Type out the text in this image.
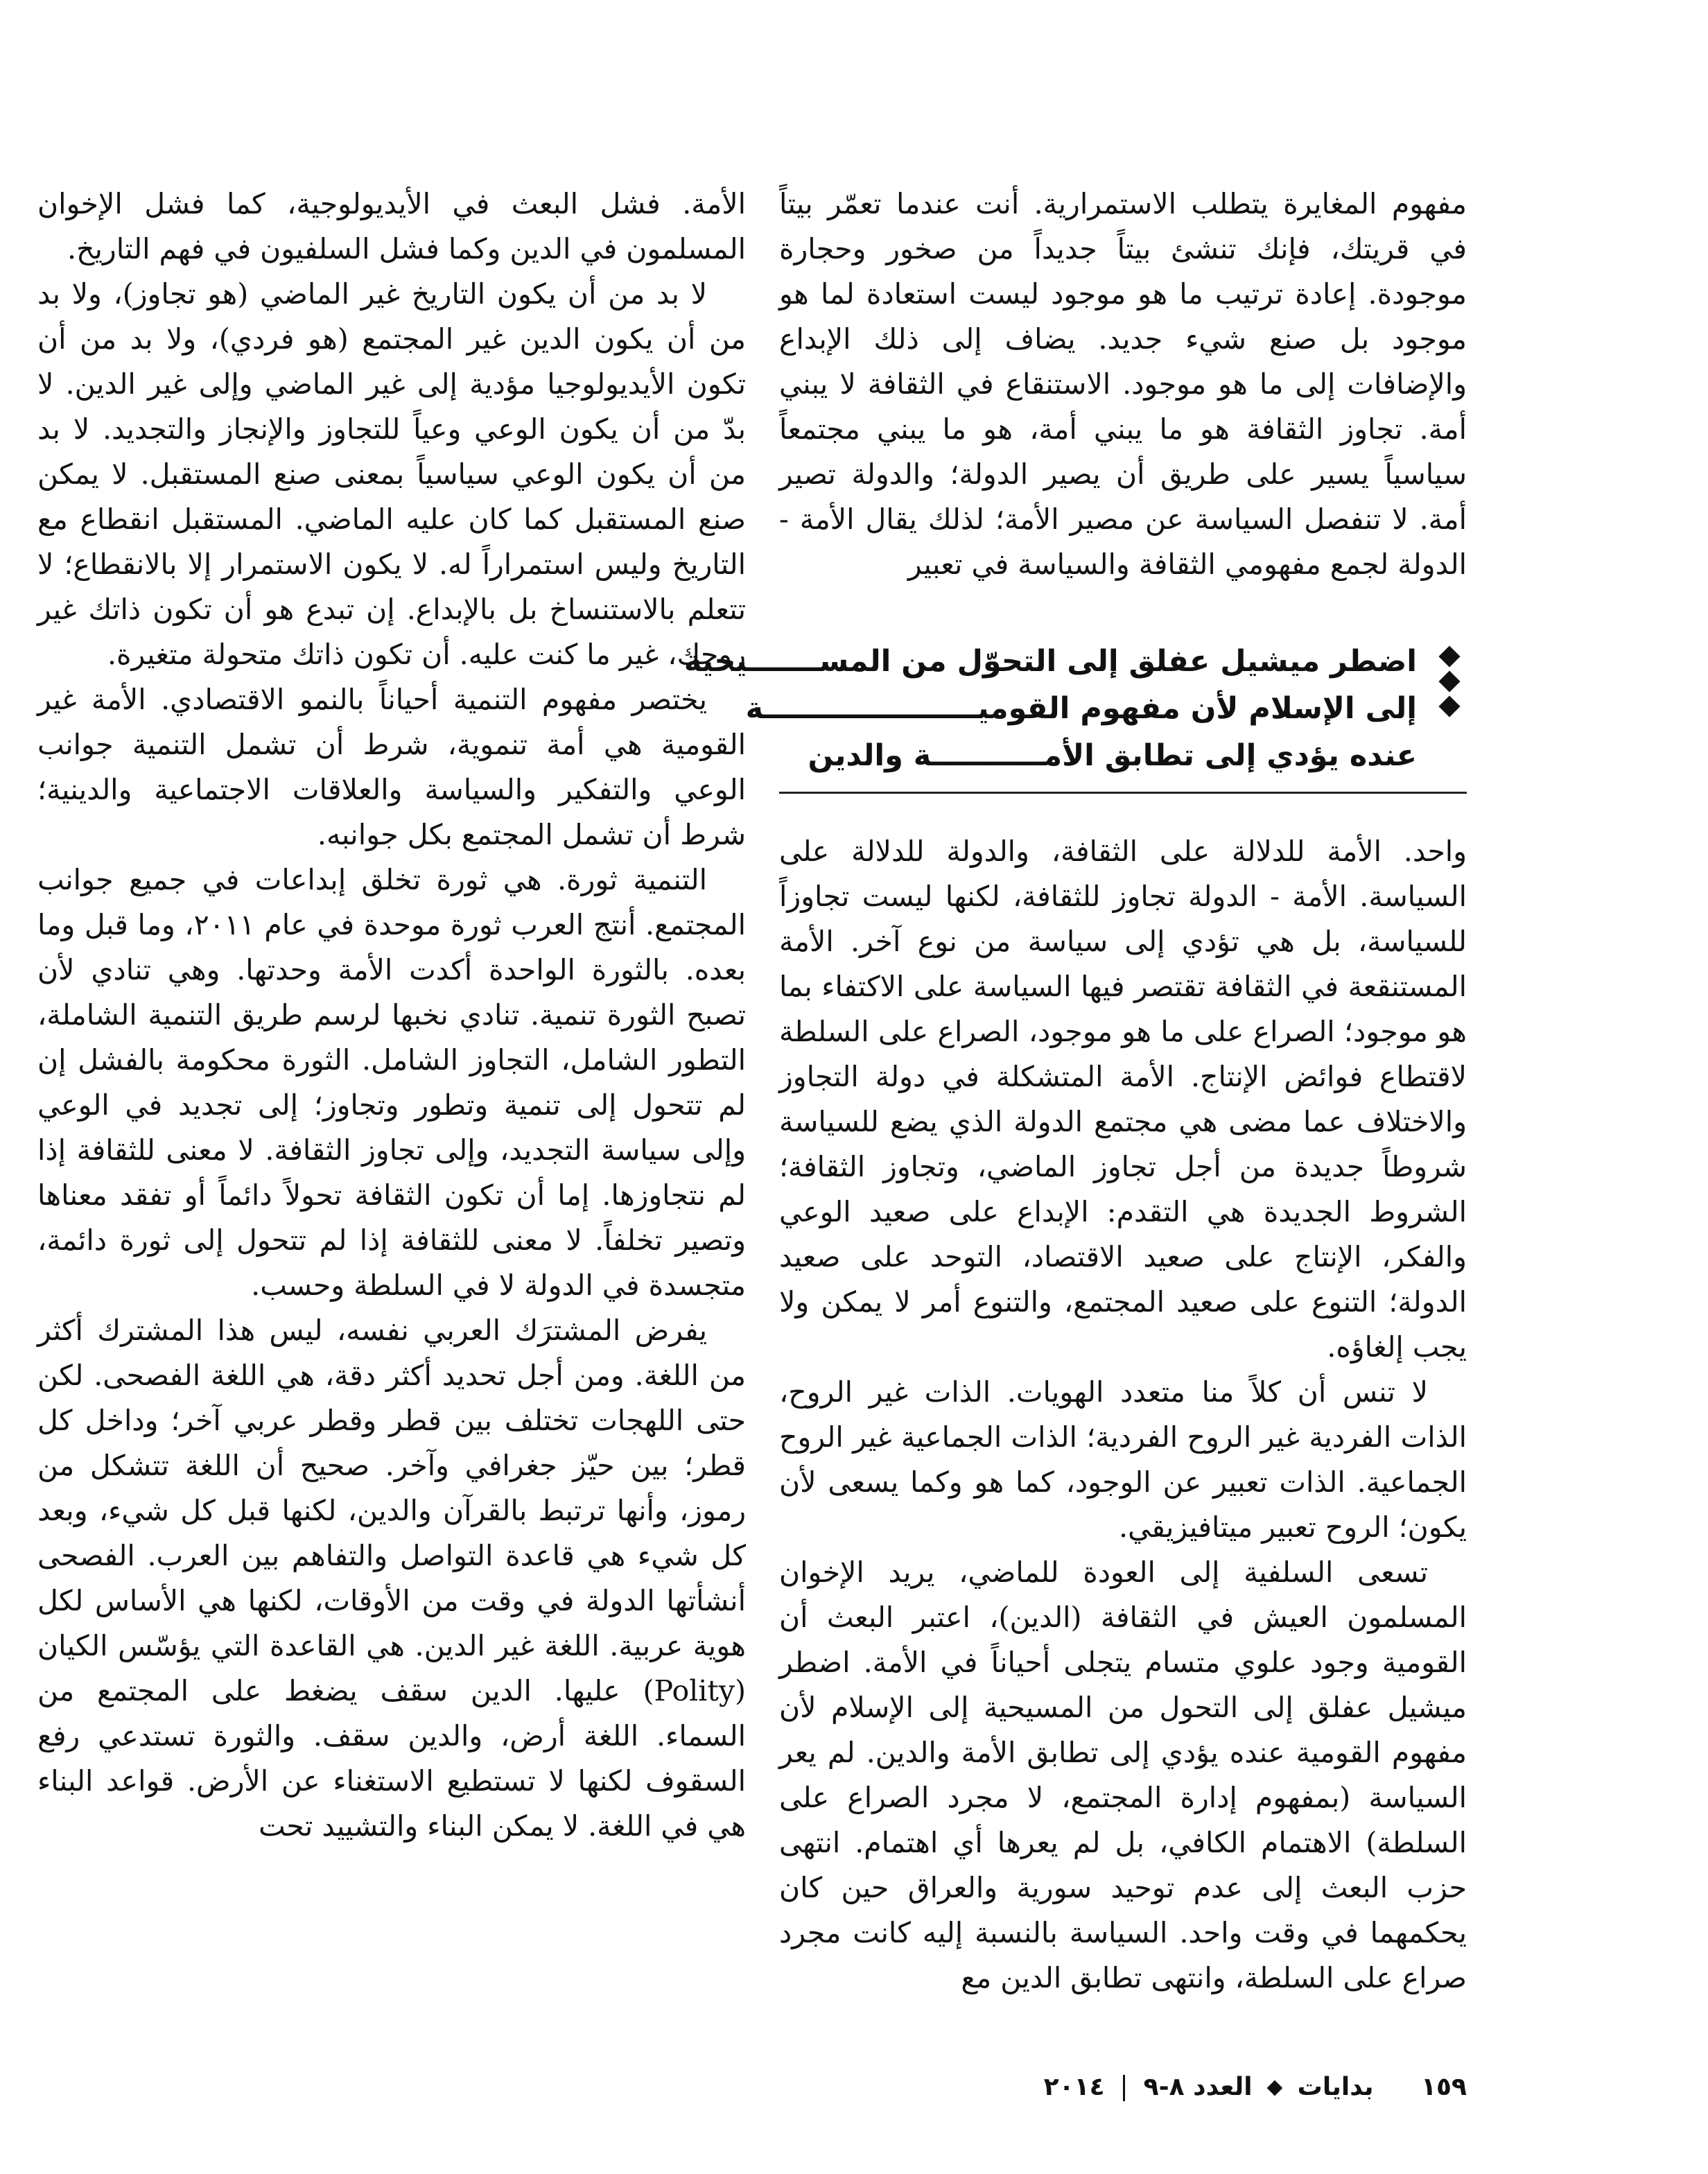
مفهوم المغايرة يتطلب الاستمرارية. أنت عندما تعمّر بيتاً في قريتك، فإنك تنشئ بيتاً جديداً من صخور وحجارة موجودة. إعادة ترتيب ما هو موجود ليست استعادة لما هو موجود بل صنع شيء جديد. يضاف إلى ذلك الإبداع والإضافات إلى ما هو موجود. الاستنقاع في الثقافة لا يبني أمة. تجاوز الثقافة هو ما يبني أمة، هو ما يبني مجتمعاً سياسياً يسير على طريق أن يصير الدولة؛ والدولة تصير أمة. لا تنفصل السياسة عن مصير الأمة؛ لذلك يقال الأمة - الدولة لجمع مفهومي الثقافة والسياسة في تعبير

اضطر ميشيل عفلق إلى التحوّل من المســـــــيحية
إلى الإسلام لأن مفهوم القوميـــــــــــــــــــــة
عنده يؤدي إلى تطابق الأمـــــــــــة والدين

واحد. الأمة للدلالة على الثقافة، والدولة للدلالة على السياسة. الأمة - الدولة تجاوز للثقافة، لكنها ليست تجاوزاً للسياسة، بل هي تؤدي إلى سياسة من نوع آخر. الأمة المستنقعة في الثقافة تقتصر فيها السياسة على الاكتفاء بما هو موجود؛ الصراع على ما هو موجود، الصراع على السلطة لاقتطاع فوائض الإنتاج. الأمة المتشكلة في دولة التجاوز والاختلاف عما مضى هي مجتمع الدولة الذي يضع للسياسة شروطاً جديدة من أجل تجاوز الماضي، وتجاوز الثقافة؛ الشروط الجديدة هي التقدم: الإبداع على صعيد الوعي والفكر، الإنتاج على صعيد الاقتصاد، التوحد على صعيد الدولة؛ التنوع على صعيد المجتمع، والتنوع أمر لا يمكن ولا يجب إلغاؤه.

لا تنس أن كلاً منا متعدد الهويات. الذات غير الروح، الذات الفردية غير الروح الفردية؛ الذات الجماعية غير الروح الجماعية. الذات تعبير عن الوجود، كما هو وكما يسعى لأن يكون؛ الروح تعبير ميتافيزيقي.

تسعى السلفية إلى العودة للماضي، يريد الإخوان المسلمون العيش في الثقافة (الدين)، اعتبر البعث أن القومية وجود علوي متسام يتجلى أحياناً في الأمة. اضطر ميشيل عفلق إلى التحول من المسيحية إلى الإسلام لأن مفهوم القومية عنده يؤدي إلى تطابق الأمة والدين. لم يعر السياسة (بمفهوم إدارة المجتمع، لا مجرد الصراع على السلطة) الاهتمام الكافي، بل لم يعرها أي اهتمام. انتهى حزب البعث إلى عدم توحيد سورية والعراق حين كان يحكمهما في وقت واحد. السياسة بالنسبة إليه كانت مجرد صراع على السلطة، وانتهى تطابق الدين مع

الأمة. فشل البعث في الأيديولوجية، كما فشل الإخوان المسلمون في الدين وكما فشل السلفيون في فهم التاريخ.

لا بد من أن يكون التاريخ غير الماضي (هو تجاوز)، ولا بد من أن يكون الدين غير المجتمع (هو فردي)، ولا بد من أن تكون الأيديولوجيا مؤدية إلى غير الماضي وإلى غير الدين. لا بدّ من أن يكون الوعي وعياً للتجاوز والإنجاز والتجديد. لا بد من أن يكون الوعي سياسياً بمعنى صنع المستقبل. لا يمكن صنع المستقبل كما كان عليه الماضي. المستقبل انقطاع مع التاريخ وليس استمراراً له. لا يكون الاستمرار إلا بالانقطاع؛ لا تتعلم بالاستنساخ بل بالإبداع. إن تبدع هو أن تكون ذاتك غير روحك، غير ما كنت عليه. أن تكون ذاتك متحولة متغيرة.

يختصر مفهوم التنمية أحياناً بالنمو الاقتصادي. الأمة غير القومية هي أمة تنموية، شرط أن تشمل التنمية جوانب الوعي والتفكير والسياسة والعلاقات الاجتماعية والدينية؛ شرط أن تشمل المجتمع بكل جوانبه.

التنمية ثورة. هي ثورة تخلق إبداعات في جميع جوانب المجتمع. أنتج العرب ثورة موحدة في عام ٢٠١١، وما قبل وما بعده. بالثورة الواحدة أكدت الأمة وحدتها. وهي تنادي لأن تصبح الثورة تنمية. تنادي نخبها لرسم طريق التنمية الشاملة، التطور الشامل، التجاوز الشامل. الثورة محكومة بالفشل إن لم تتحول إلى تنمية وتطور وتجاوز؛ إلى تجديد في الوعي وإلى سياسة التجديد، وإلى تجاوز الثقافة. لا معنى للثقافة إذا لم نتجاوزها. إما أن تكون الثقافة تحولاً دائماً أو تفقد معناها وتصير تخلفاً. لا معنى للثقافة إذا لم تتحول إلى ثورة دائمة، متجسدة في الدولة لا في السلطة وحسب.

يفرض المشترَك العربي نفسه، ليس هذا المشترك أكثر من اللغة. ومن أجل تحديد أكثر دقة، هي اللغة الفصحى. لكن حتى اللهجات تختلف بين قطر وقطر عربي آخر؛ وداخل كل قطر؛ بين حيّز جغرافي وآخر. صحيح أن اللغة تتشكل من رموز، وأنها ترتبط بالقرآن والدين، لكنها قبل كل شيء، وبعد كل شيء هي قاعدة التواصل والتفاهم بين العرب. الفصحى أنشأتها الدولة في وقت من الأوقات، لكنها هي الأساس لكل هوية عربية. اللغة غير الدين. هي القاعدة التي يؤسّس الكيان (Polity) عليها. الدين سقف يضغط على المجتمع من السماء. اللغة أرض، والدين سقف. والثورة تستدعي رفع السقوف لكنها لا تستطيع الاستغناء عن الأرض. قواعد البناء هي في اللغة. لا يمكن البناء والتشييد تحت

١٥٩ بدايات  العدد ٨-٩  ٢٠١٤
